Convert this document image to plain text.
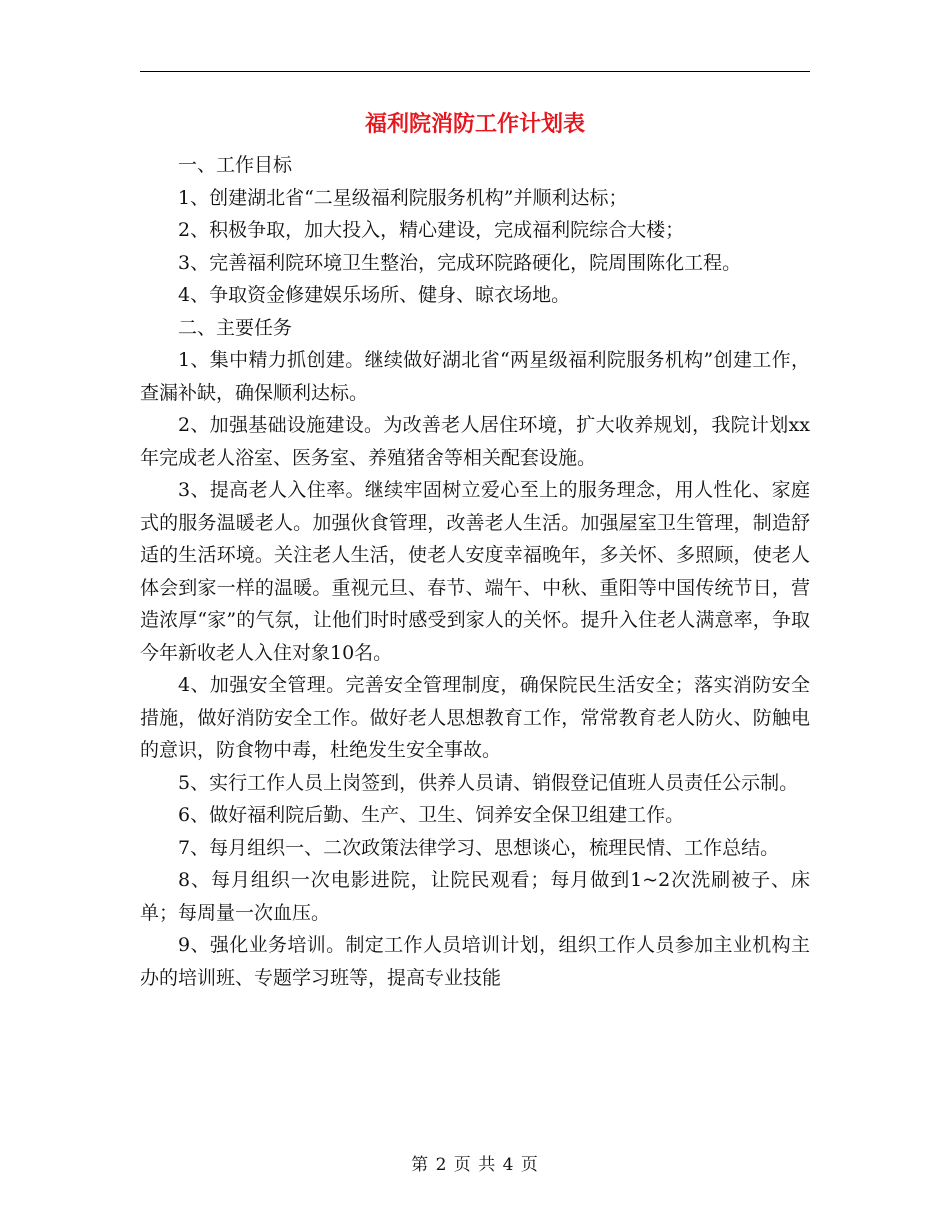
福利院消防工作计划表

一、工作目标

1、创建湖北省“二星级福利院服务机构”并顺利达标；

2、积极争取，加大投入，精心建设，完成福利院综合大楼；

3、完善福利院环境卫生整治，完成环院路硬化，院周围陈化工程。

4、争取资金修建娱乐场所、健身、晾衣场地。

二、主要任务

1、集中精力抓创建。继续做好湖北省“两星级福利院服务机构”创建工作，查漏补缺，确保顺利达标。

2、加强基础设施建设。为改善老人居住环境，扩大收养规划，我院计划xx年完成老人浴室、医务室、养殖猪舍等相关配套设施。

3、提高老人入住率。继续牢固树立爱心至上的服务理念，用人性化、家庭式的服务温暖老人。加强伙食管理，改善老人生活。加强屋室卫生管理，制造舒适的生活环境。关注老人生活，使老人安度幸福晚年，多关怀、多照顾，使老人体会到家一样的温暖。重视元旦、春节、端午、中秋、重阳等中国传统节日，营造浓厚“家”的气氛，让他们时时感受到家人的关怀。提升入住老人满意率，争取今年新收老人入住对象10名。

4、加强安全管理。完善安全管理制度，确保院民生活安全；落实消防安全措施，做好消防安全工作。做好老人思想教育工作，常常教育老人防火、防触电的意识，防食物中毒，杜绝发生安全事故。

5、实行工作人员上岗签到，供养人员请、销假登记值班人员责任公示制。

6、做好福利院后勤、生产、卫生、饲养安全保卫组建工作。

7、每月组织一、二次政策法律学习、思想谈心，梳理民情、工作总结。

8、每月组织一次电影进院，让院民观看；每月做到1~2次洗刷被子、床单；每周量一次血压。

9、强化业务培训。制定工作人员培训计划，组织工作人员参加主业机构主办的培训班、专题学习班等，提高专业技能

第 2 页 共 4 页
